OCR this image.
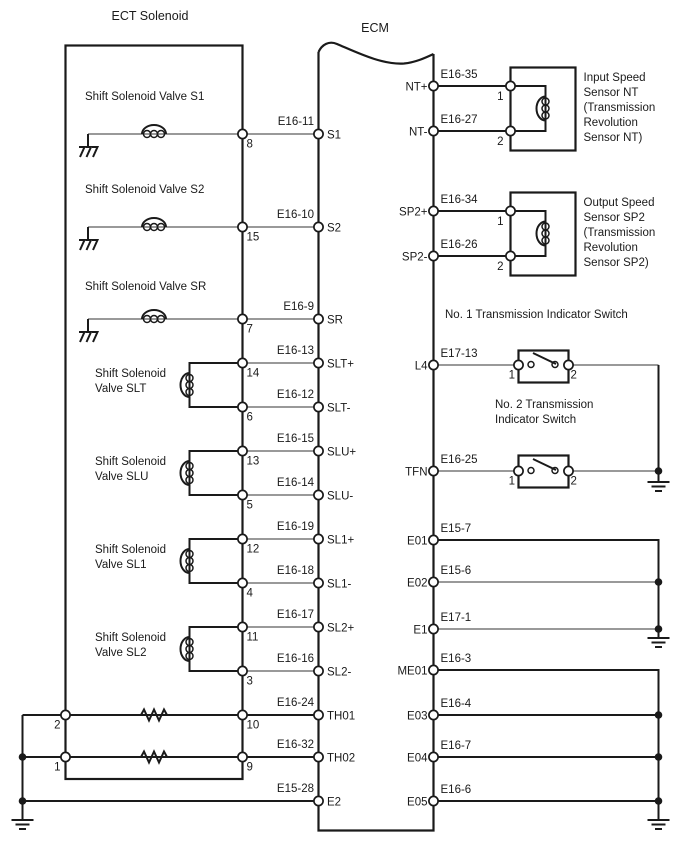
ECT Solenoid
ECM
Shift Solenoid Valve S1
Shift Solenoid Valve S2
Shift Solenoid Valve SR
Shift Solenoid
Valve SLT
Shift Solenoid
Valve SLU
Shift Solenoid
Valve SL1
Shift Solenoid
Valve SL2
E16-11
E16-10
E16-9
E16-13
E16-12
E16-15
E16-14
E16-19
E16-18
E16-17
E16-16
E16-24
E16-32
E15-28
8
15
7
14
6
13
5
12
4
11
3
10
9
2
1
S1
S2
SR
SLT+
SLT-
SLU+
SLU-
SL1+
SL1-
SL2+
SL2-
TH01
TH02
E2
NT+
NT-
SP2+
SP2-
L4
TFN
E01
E02
E1
ME01
E03
E04
E05
E16-35
E16-27
E16-34
E16-26
E17-13
E16-25
E15-7
E15-6
E17-1
E16-3
E16-4
E16-7
E16-6
1
2
1
2
1	2
1	2
Input Speed
Sensor NT
(Transmission
Revolution
Sensor NT)
Output Speed
Sensor SP2
(Transmission
Revolution
Sensor SP2)
No. 1 Transmission Indicator Switch
No. 2 Transmission
Indicator Switch
